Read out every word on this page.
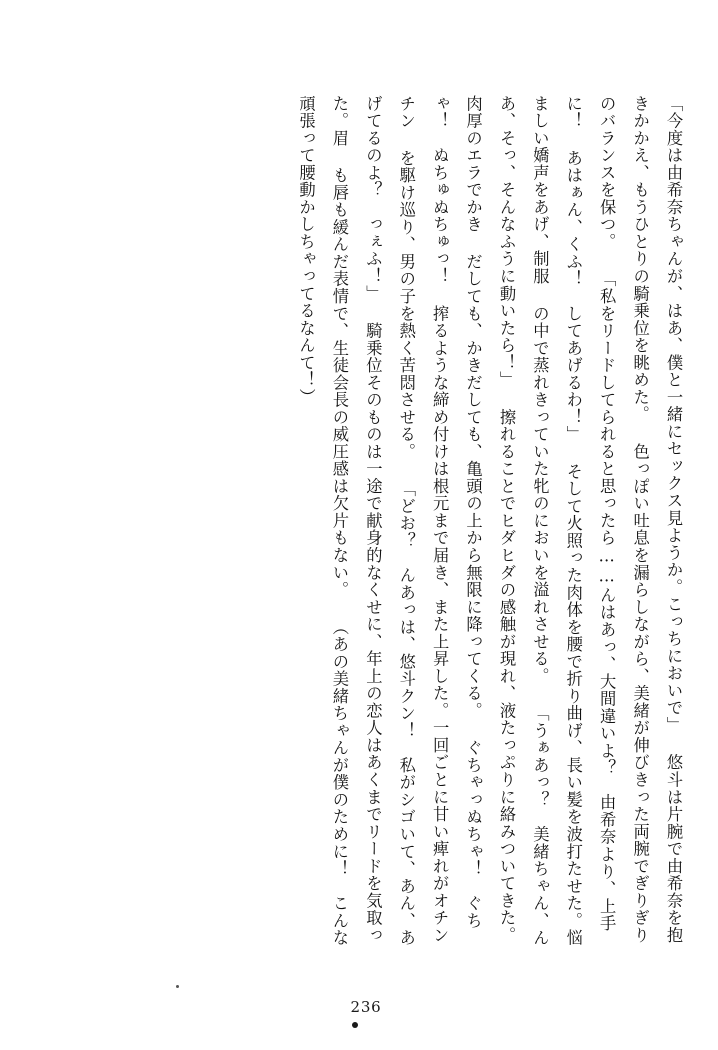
「今度は由希奈ちゃんが、はあ、僕と一緒にセックス見ようか。こっちにおいで」 悠斗は片腕で由希奈を抱きかかえ、もうひとりの騎乗位を眺めた。 色っぽい吐息を漏らしながら、美緒が伸びきった両腕でぎりぎりのバランスを保つ。 「私をリードしてられると思ったら……んはあっ、大間違いよ？　由希奈より、上手に！ あはぁん、くふ！　してあげるわ！」 そして火照った肉体を腰で折り曲げ、長い髪を波打たせた。悩ましい嬌声をあげ、制服 の中で蒸れきっていた牝のにおいを溢れさせる。 「うぁあっ？　美緒ちゃん、んあ、そっ、そんなふうに動いたら！」 擦れることでヒダヒダの感触が現れ、液たっぷりに絡みついてきた。肉厚のエラでかき だしても、かきだしても、亀頭の上から無限に降ってくる。 ぐちゃっぬちゃ！　ぐちゃ！　ぬちゅぬちゅっ！ 搾るような締め付けは根元まで届き、また上昇した。一回ごとに甘い痺れがオチンチン を駆け巡り、男の子を熱く苦悶させる。 「どお？　んあっは、悠斗クン！　私がシゴいて、あん、あげてるのよ？　っぇふ！」 騎乗位そのものは一途で献身的なくせに、年上の恋人はあくまでリードを気取った。眉 も唇も緩んだ表情で、生徒会長の威圧感は欠片もない。 （あの美緒ちゃんが僕のために！　こんな頑張って腰動かしちゃってるなんて！）
236
